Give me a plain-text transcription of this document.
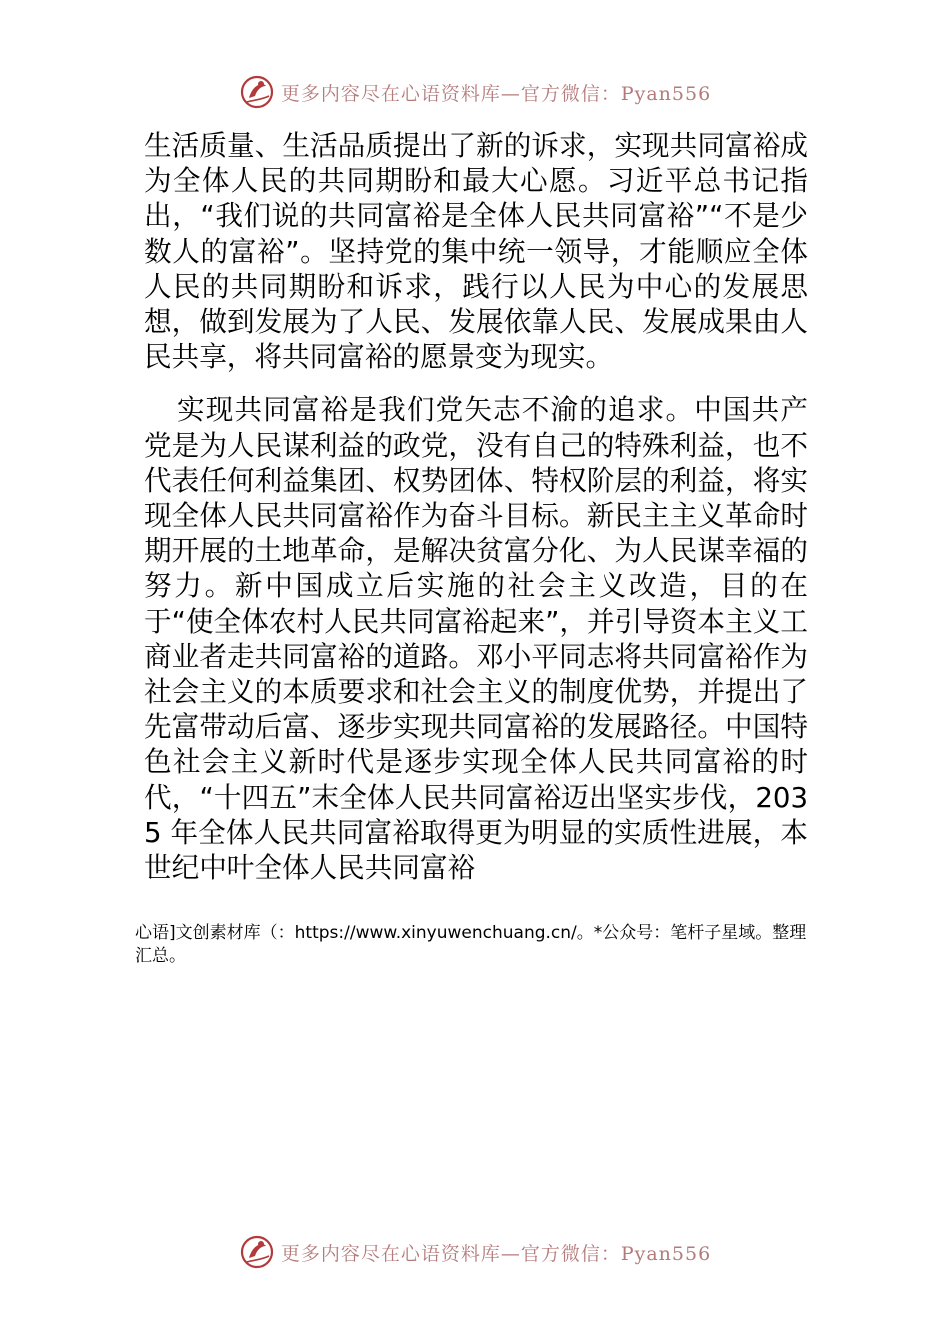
更多内容尽在心语资料库—官方微信：Pyan556

生活质量、生活品质提出了新的诉求，实现共同富裕成为全体人民的共同期盼和最大心愿。习近平总书记指出，“我们说的共同富裕是全体人民共同富裕”“不是少数人的富裕”。坚持党的集中统一领导，才能顺应全体人民的共同期盼和诉求，践行以人民为中心的发展思想，做到发展为了人民、发展依靠人民、发展成果由人民共享，将共同富裕的愿景变为现实。

实现共同富裕是我们党矢志不渝的追求。中国共产党是为人民谋利益的政党，没有自己的特殊利益，也不代表任何利益集团、权势团体、特权阶层的利益，将实现全体人民共同富裕作为奋斗目标。新民主主义革命时期开展的土地革命，是解决贫富分化、为人民谋幸福的努力。新中国成立后实施的社会主义改造，目的在于“使全体农村人民共同富裕起来”，并引导资本主义工商业者走共同富裕的道路。邓小平同志将共同富裕作为社会主义的本质要求和社会主义的制度优势，并提出了先富带动后富、逐步实现共同富裕的发展路径。中国特色社会主义新时代是逐步实现全体人民共同富裕的时代，“十四五”末全体人民共同富裕迈出坚实步伐，2035 年全体人民共同富裕取得更为明显的实质性进展，本世纪中叶全体人民共同富裕

心语]文创素材库（：https://www.xinyuwenchuang.cn/。*公众号：笔杆子星域。整理汇总。
更多内容尽在心语资料库—官方微信：Pyan556
